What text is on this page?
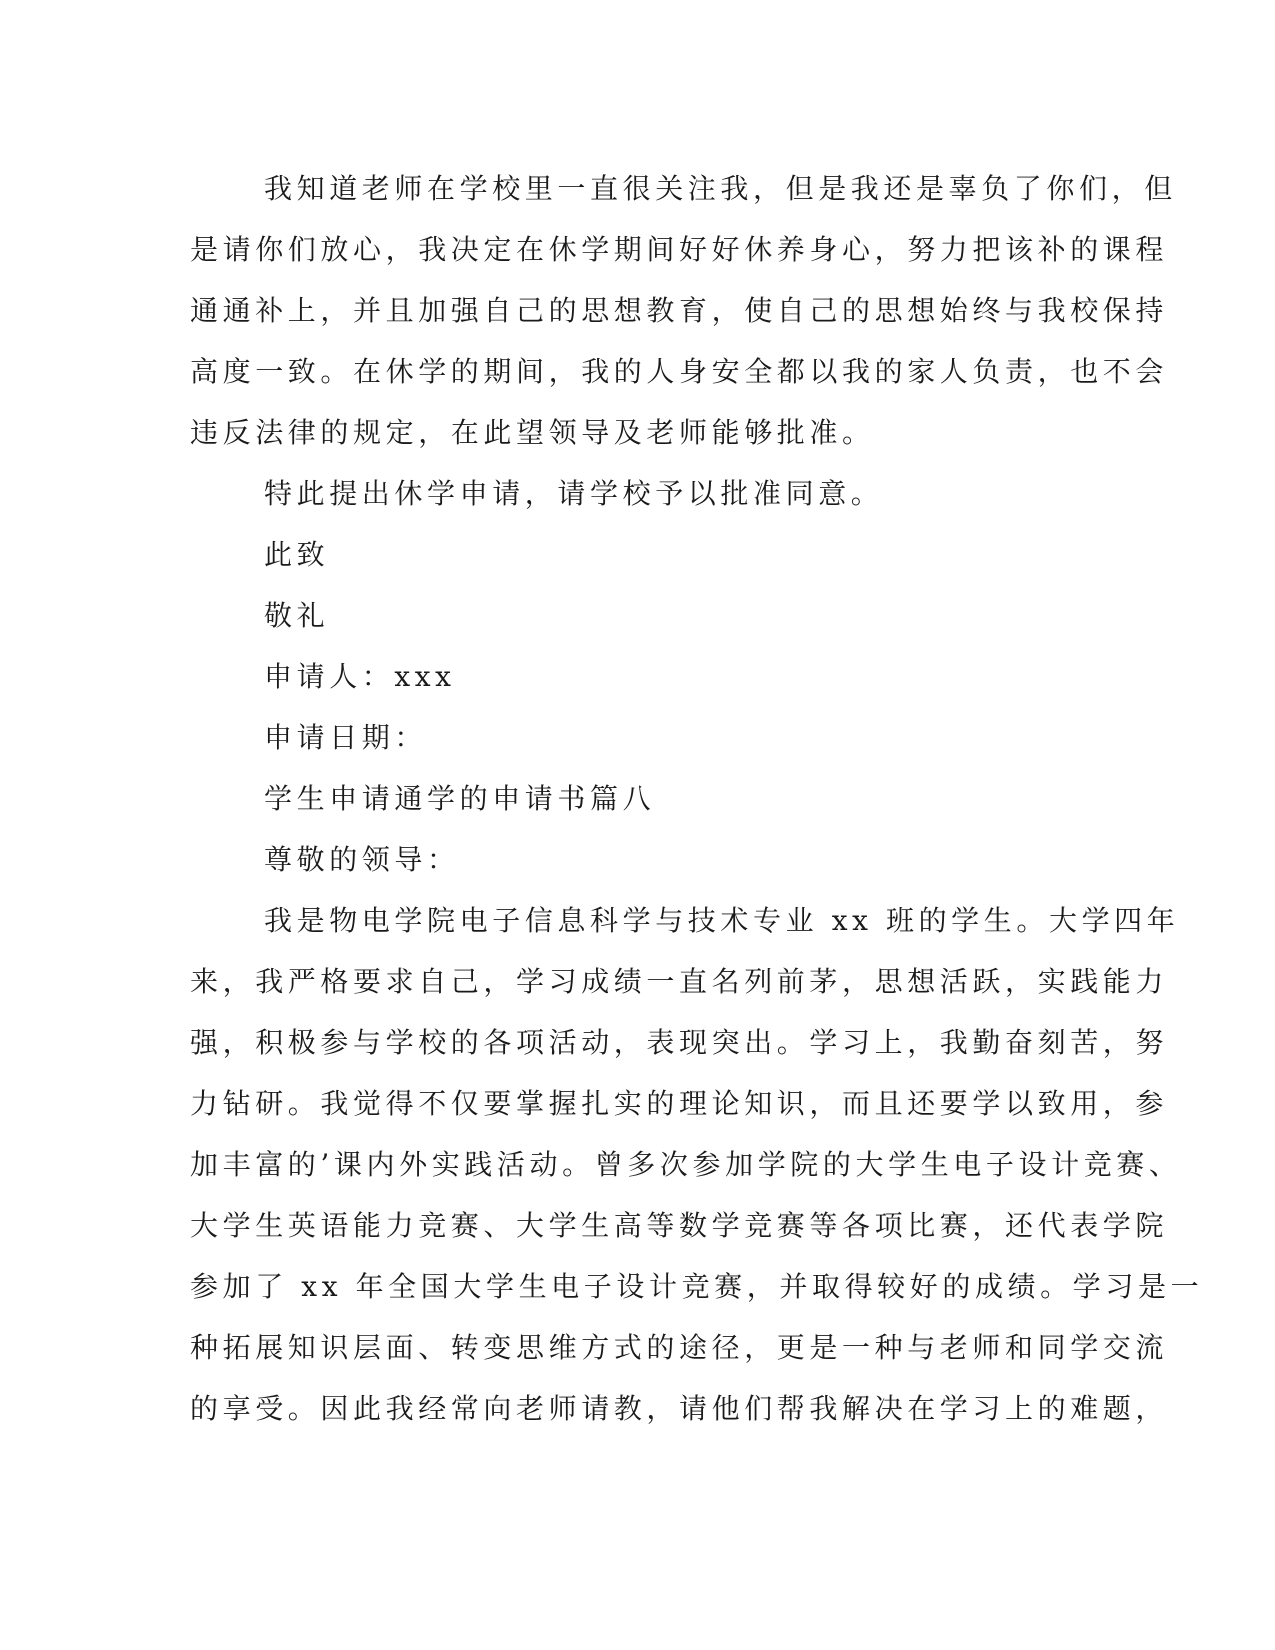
我知道老师在学校里一直很关注我，但是我还是辜负了你们，但

是请你们放心，我决定在休学期间好好休养身心，努力把该补的课程

通通补上，并且加强自己的思想教育，使自己的思想始终与我校保持

高度一致。在休学的期间，我的人身安全都以我的家人负责，也不会

违反法律的规定，在此望领导及老师能够批准。

特此提出休学申请，请学校予以批准同意。

此致

敬礼

申请人：xxx

申请日期：

学生申请通学的申请书篇八

尊敬的领导：

我是物电学院电子信息科学与技术专业 xx 班的学生。大学四年

来，我严格要求自己，学习成绩一直名列前茅，思想活跃，实践能力

强，积极参与学校的各项活动，表现突出。学习上，我勤奋刻苦，努

力钻研。我觉得不仅要掌握扎实的理论知识，而且还要学以致用，参

加丰富的’课内外实践活动。曾多次参加学院的大学生电子设计竞赛、

大学生英语能力竞赛、大学生高等数学竞赛等各项比赛，还代表学院

参加了 xx 年全国大学生电子设计竞赛，并取得较好的成绩。学习是一

种拓展知识层面、转变思维方式的途径，更是一种与老师和同学交流

的享受。因此我经常向老师请教，请他们帮我解决在学习上的难题，
